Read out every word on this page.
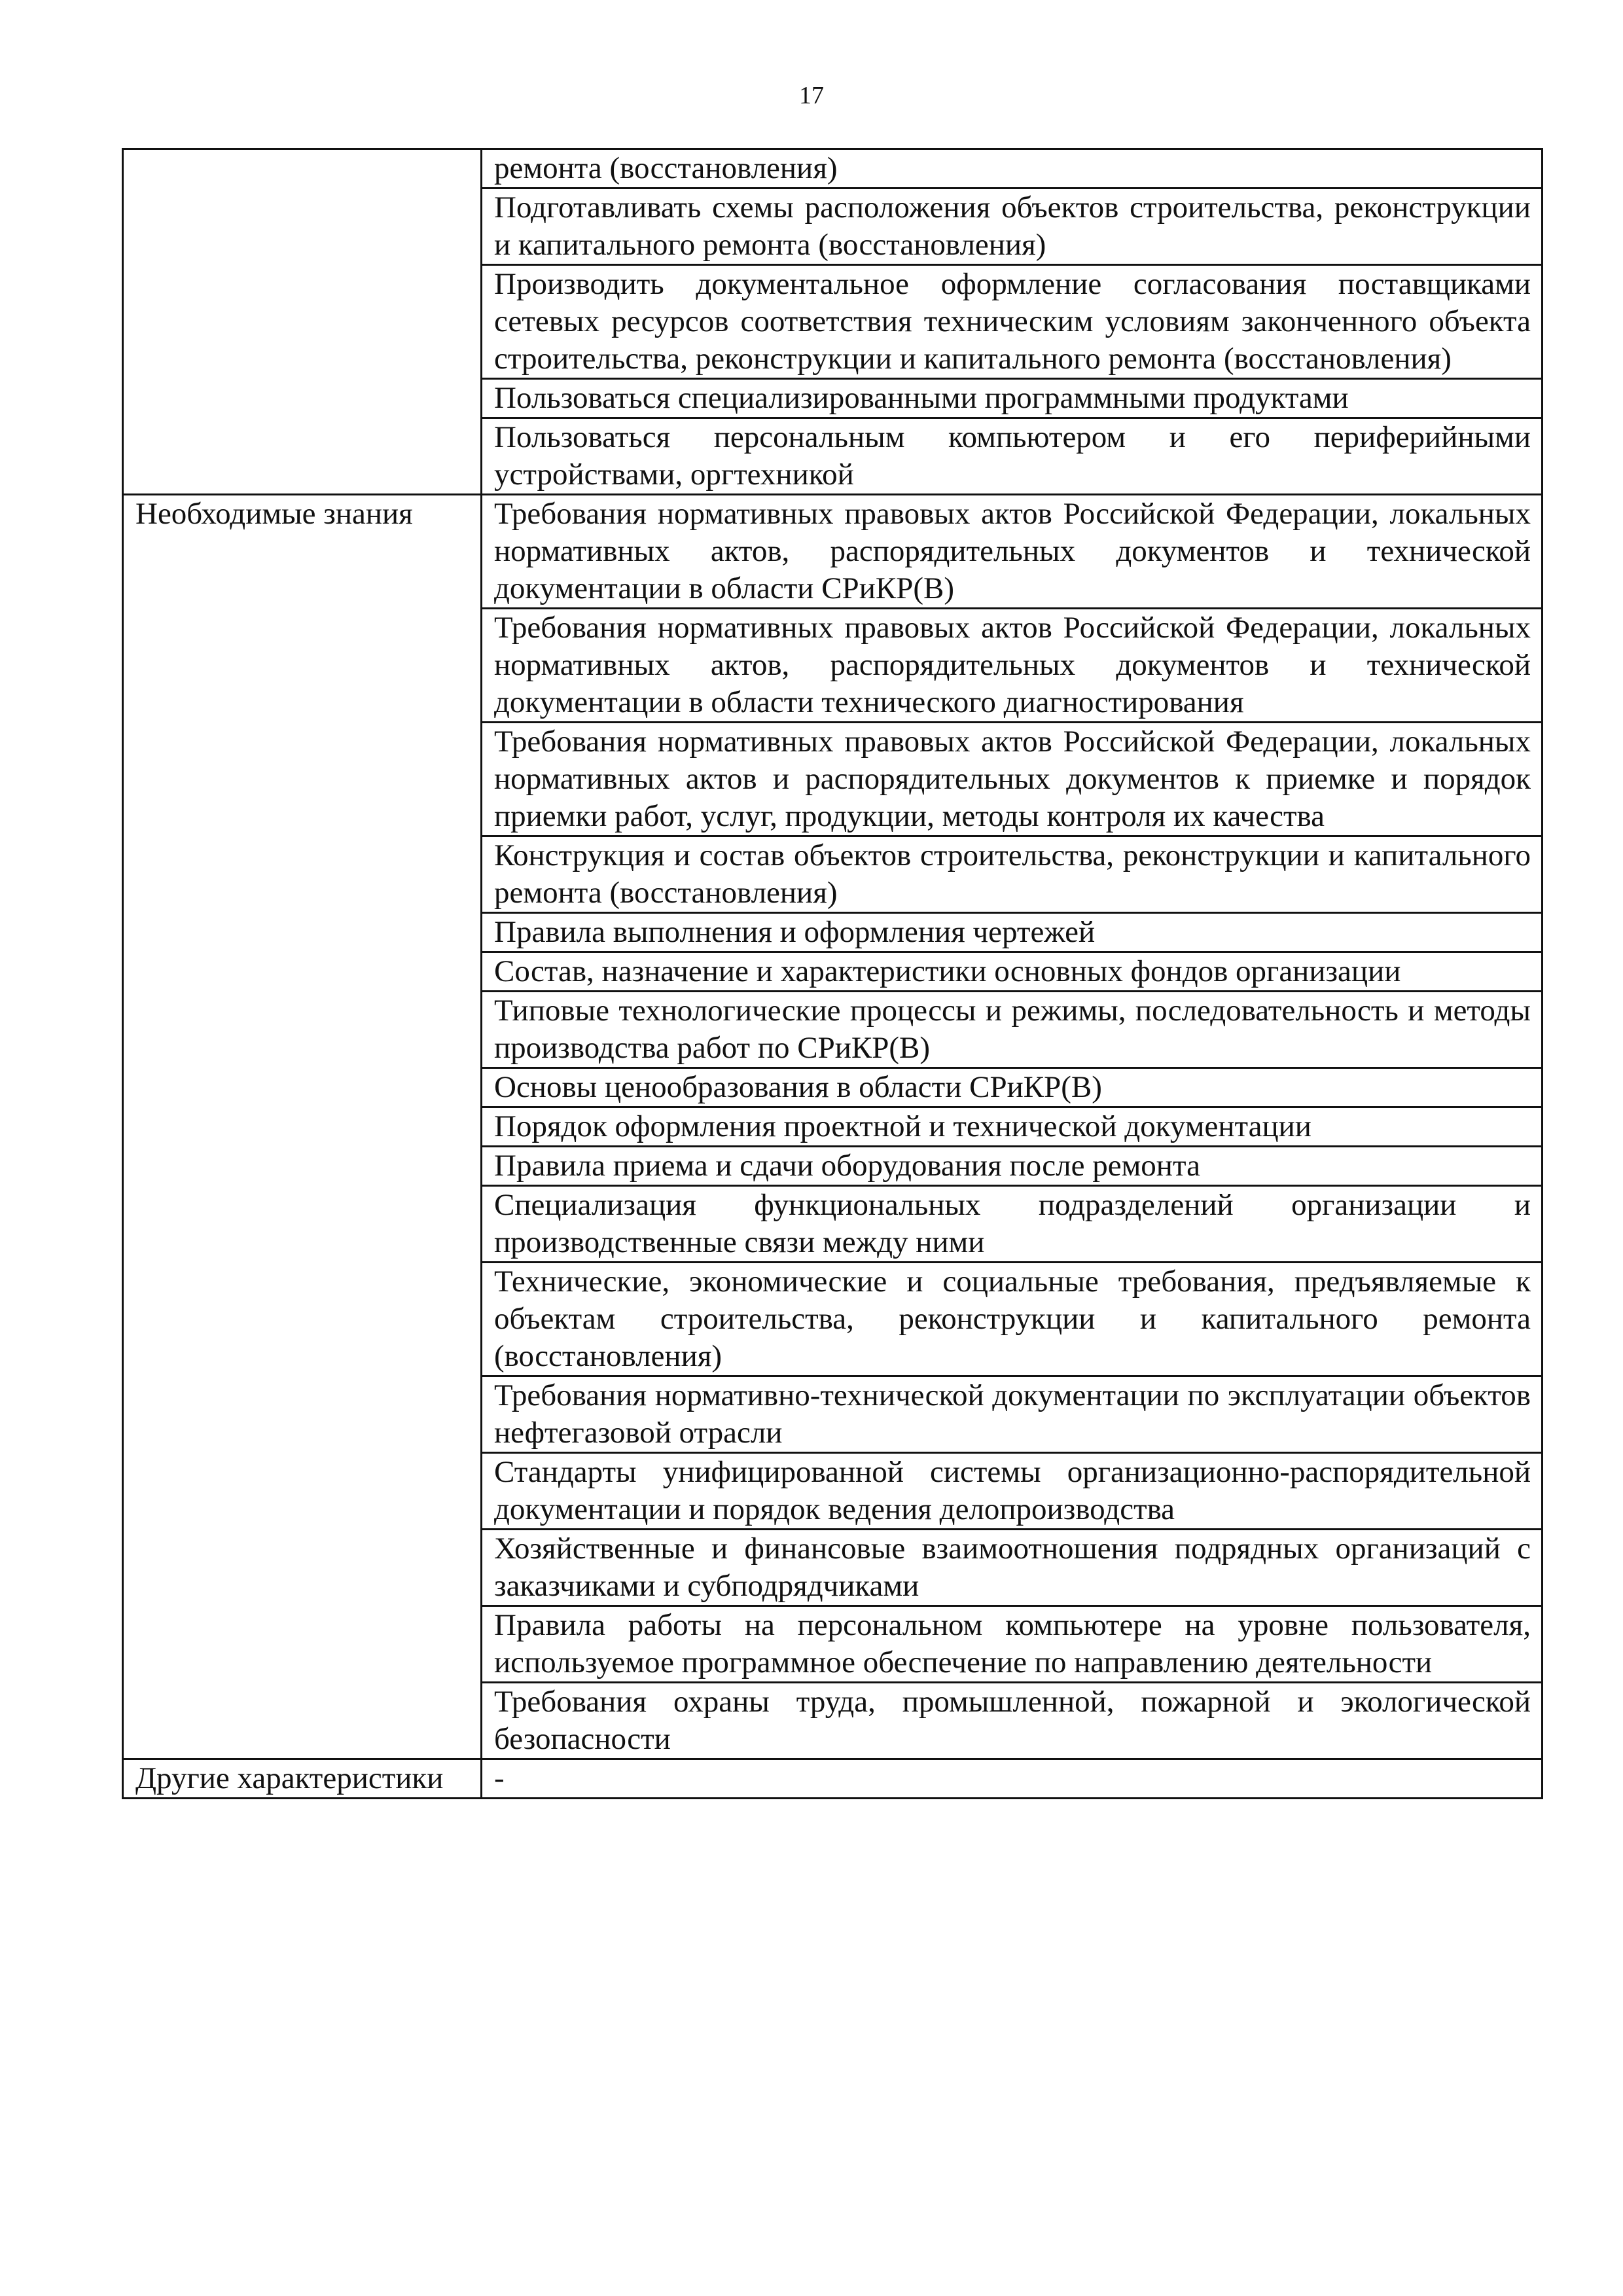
17
	ремонта (восстановления)
	Подготавливать схемы расположения объектов строительства, реконструкции и капитального ремонта (восстановления)
	Производить документальное оформление согласования поставщиками сетевых ресурсов соответствия техническим условиям законченного объекта строительства, реконструкции и капитального ремонта (восстановления)
	Пользоваться специализированными программными продуктами
	Пользоваться персональным компьютером и его периферийными устройствами, оргтехникой
Необходимые знания	Требования нормативных правовых актов Российской Федерации, локальных нормативных актов, распорядительных документов и технической документации в области СРиКР(В)
	Требования нормативных правовых актов Российской Федерации, локальных нормативных актов, распорядительных документов и технической документации в области технического диагностирования
	Требования нормативных правовых актов Российской Федерации, локальных нормативных актов и распорядительных документов к приемке и порядок приемки работ, услуг, продукции, методы контроля их качества
	Конструкция и состав объектов строительства, реконструкции и капитального ремонта (восстановления)
	Правила выполнения и оформления чертежей
	Состав, назначение и характеристики основных фондов организации
	Типовые технологические процессы и режимы, последовательность и методы производства работ по СРиКР(В)
	Основы ценообразования в области СРиКР(В)
	Порядок оформления проектной и технической документации
	Правила приема и сдачи оборудования после ремонта
	Специализация функциональных подразделений организации и производственные связи между ними
	Технические, экономические и социальные требования, предъявляемые к объектам строительства, реконструкции и капитального ремонта (восстановления)
	Требования нормативно-технической документации по эксплуатации объектов нефтегазовой отрасли
	Стандарты унифицированной системы организационно-распорядительной документации и порядок ведения делопроизводства
	Хозяйственные и финансовые взаимоотношения подрядных организаций с заказчиками и субподрядчиками
	Правила работы на персональном компьютере на уровне пользователя, используемое программное обеспечение по направлению деятельности
	Требования охраны труда, промышленной, пожарной и экологической безопасности
Другие характеристики	-
